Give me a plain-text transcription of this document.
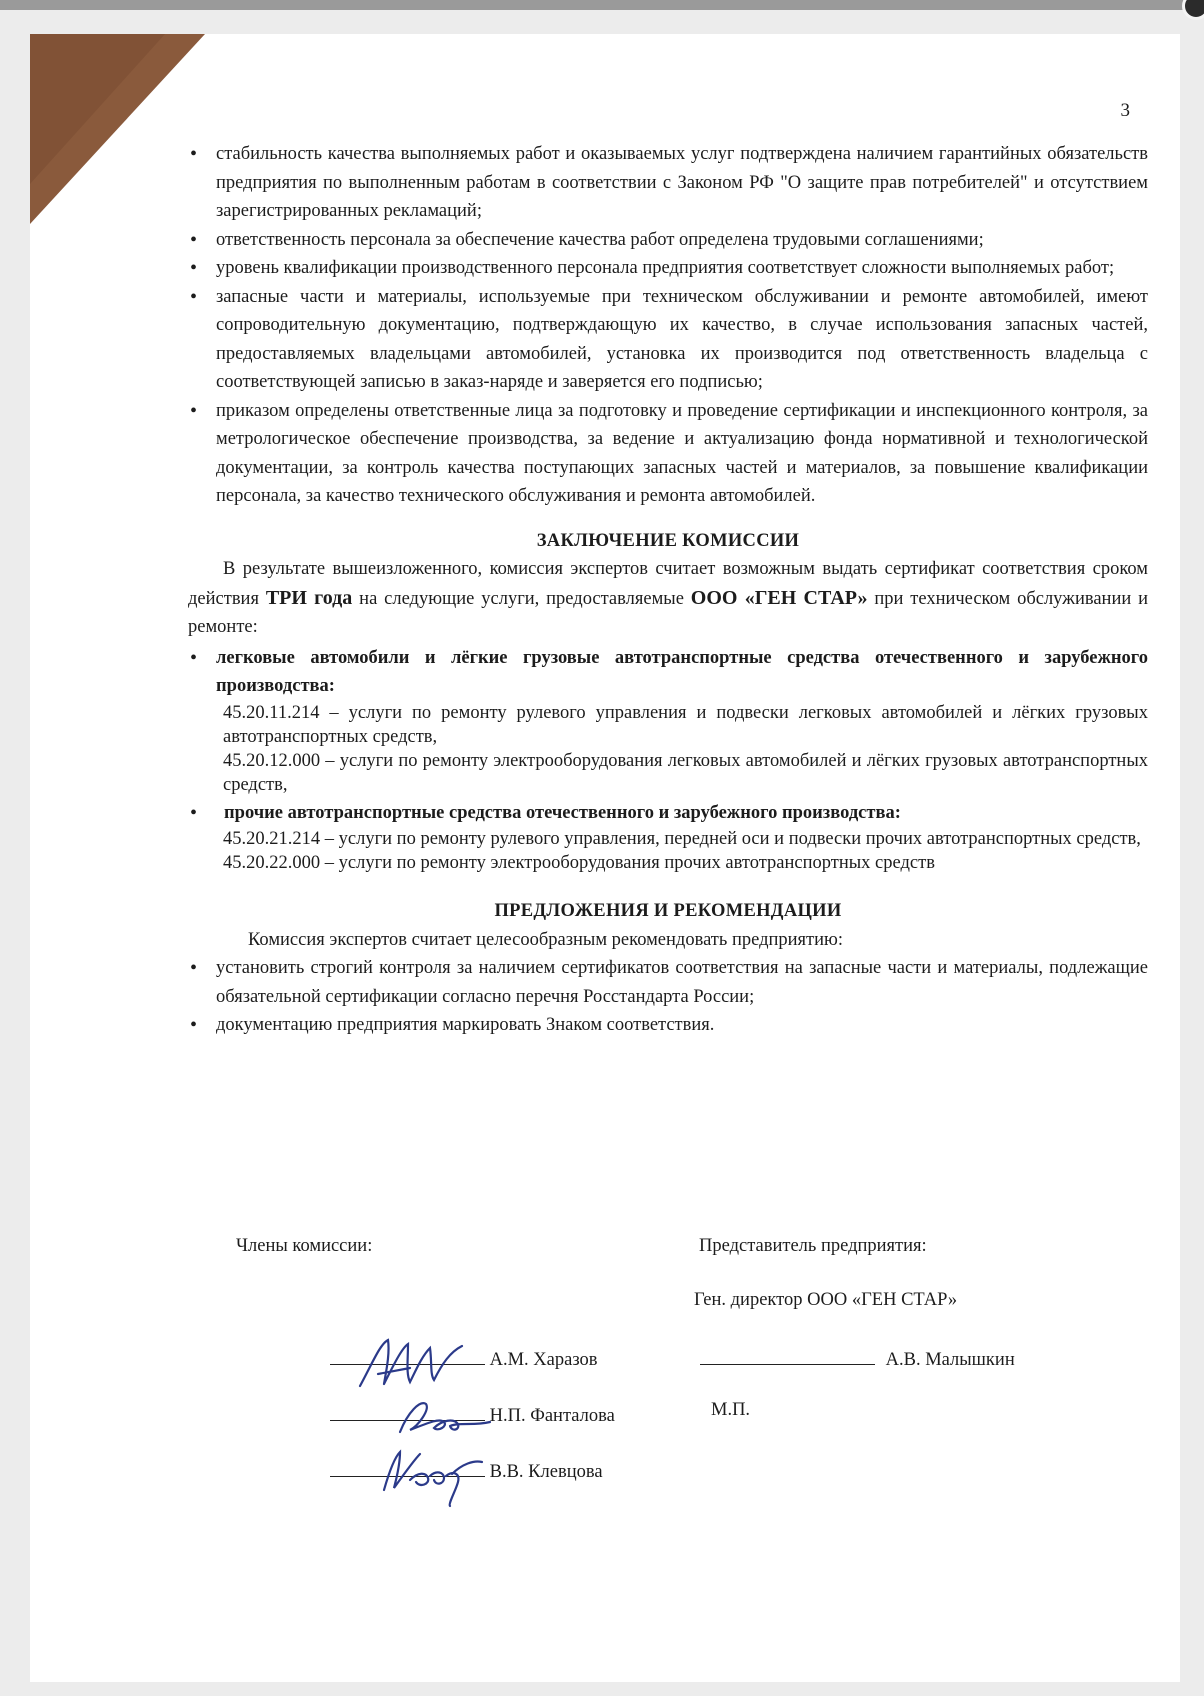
3
• стабильность качества выполняемых работ и оказываемых услуг подтверждена наличием гарантийных обязательств предприятия по выполненным работам в соответствии с Законом РФ "О защите прав потребителей" и отсутствием зарегистрированных рекламаций;
• ответственность персонала за обеспечение качества работ определена трудовыми соглашениями;
• уровень квалификации производственного персонала предприятия соответствует сложности выполняемых работ;
• запасные части и материалы, используемые при техническом обслуживании и ремонте автомобилей, имеют сопроводительную документацию, подтверждающую их качество, в случае использования запасных частей, предоставляемых владельцами автомобилей, установка их производится под ответственность владельца с соответствующей записью в заказ-наряде и заверяется его подписью;
• приказом определены ответственные лица за подготовку и проведение сертификации и инспекционного контроля, за метрологическое обеспечение производства, за ведение и актуализацию фонда нормативной и технологической документации, за контроль качества поступающих запасных частей и материалов, за повышение квалификации персонала, за качество технического обслуживания и ремонта автомобилей.
ЗАКЛЮЧЕНИЕ КОМИССИИ

В результате вышеизложенного, комиссия экспертов считает возможным выдать сертификат соответствия сроком действия ТРИ года на следующие услуги, предоставляемые ООО «ГЕН СТАР» при техническом обслуживании и ремонте:

• легковые автомобили и лёгкие грузовые автотранспортные средства отечественного и зарубежного производства:

45.20.11.214 – услуги по ремонту рулевого управления и подвески легковых автомобилей и лёгких грузовых автотранспортных средств,

45.20.12.000 – услуги по ремонту электрооборудования легковых автомобилей и лёгких грузовых автотранспортных средств,

• прочие автотранспортные средства отечественного и зарубежного производства:

45.20.21.214 – услуги по ремонту рулевого управления, передней оси и подвески прочих автотранспортных средств,

45.20.22.000 – услуги по ремонту электрооборудования прочих автотранспортных средств

ПРЕДЛОЖЕНИЯ И РЕКОМЕНДАЦИИ

Комиссия экспертов считает целесообразным рекомендовать предприятию:

• установить строгий контроля за наличием сертификатов соответствия на запасные части и материалы, подлежащие обязательной сертификации согласно перечня Росстандарта России;
• документацию предприятия маркировать Знаком соответствия.
Члены комиссии:	Представитель предприятия:
Ген. директор ООО «ГЕН СТАР»
А.М. Харазов	А.В. Малышкин
Н.П. Фанталова	М.П.
В.В. Клевцова
